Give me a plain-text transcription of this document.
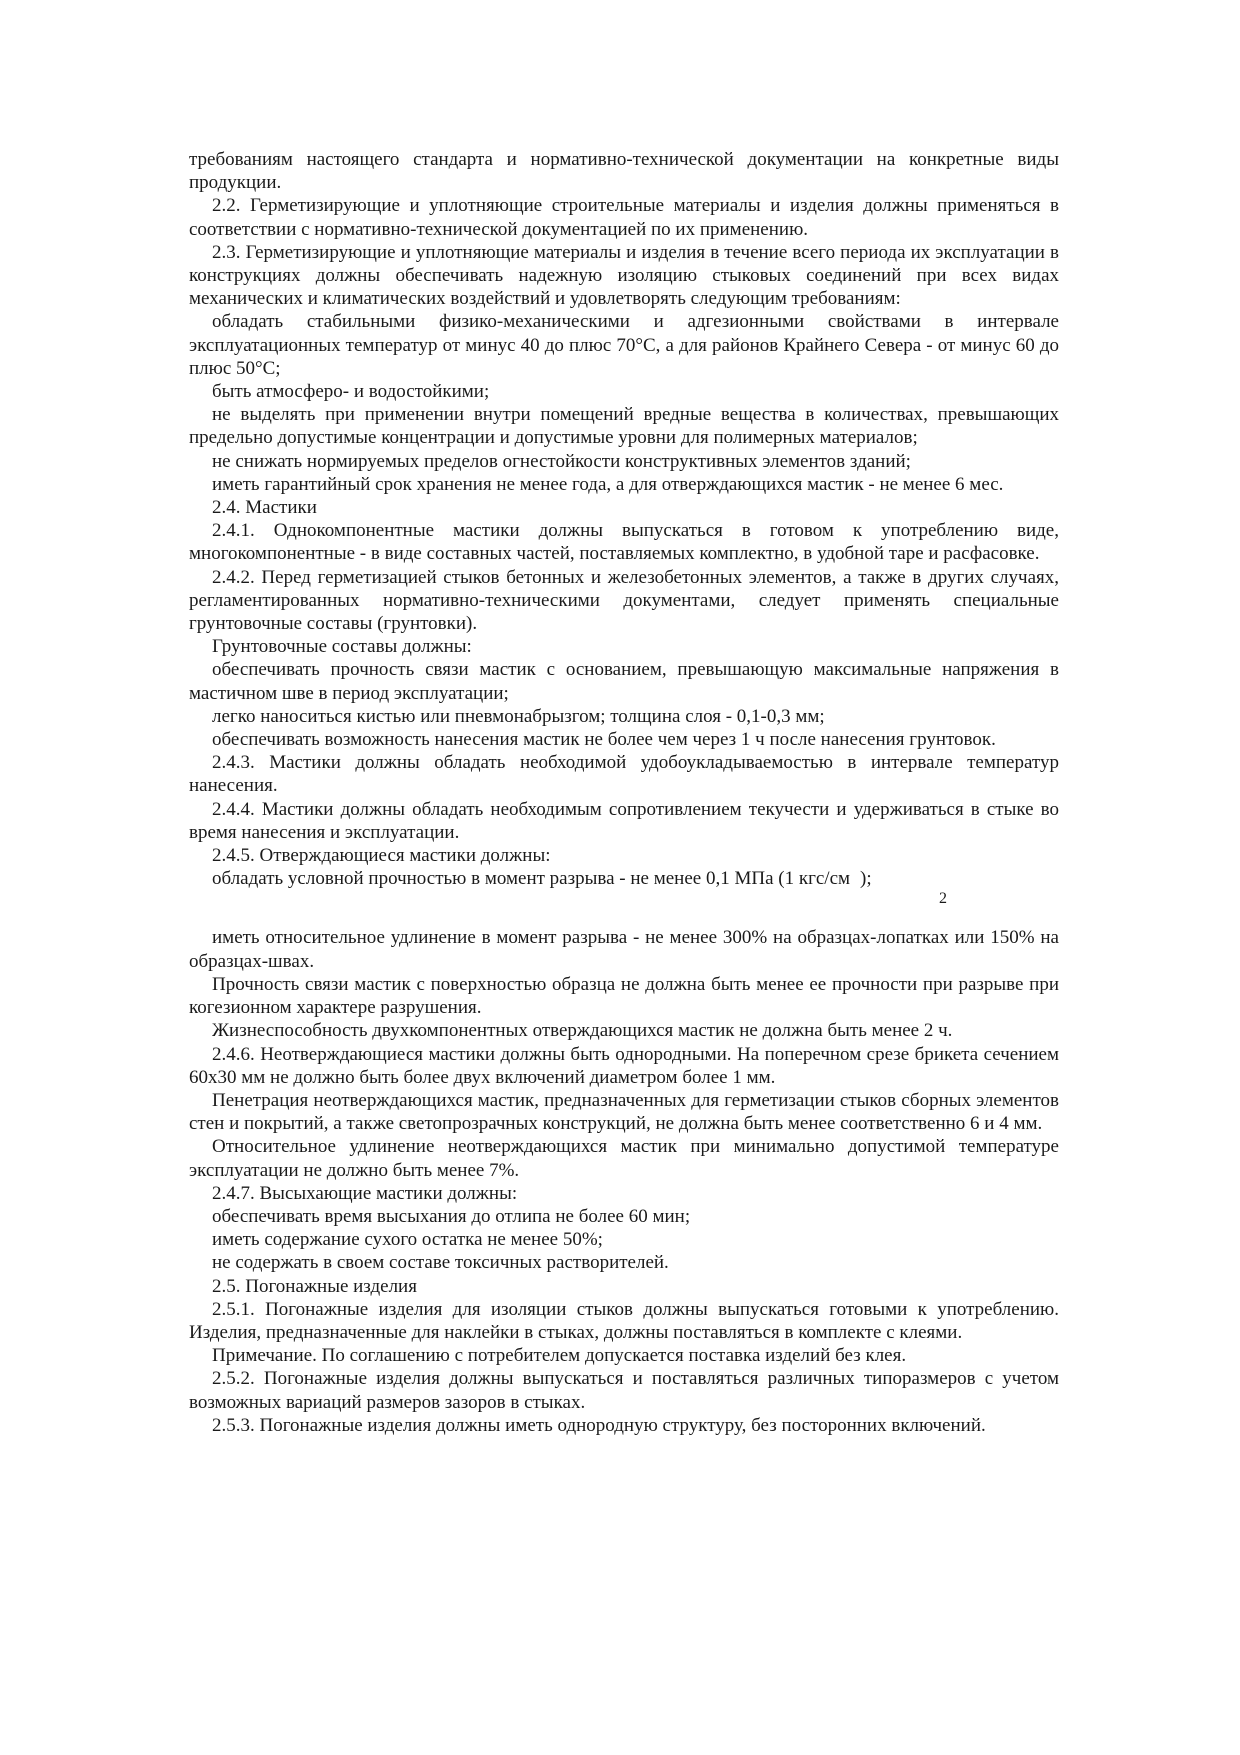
требованиям настоящего стандарта и нормативно-технической документации на конкретные виды продукции.

2.2. Герметизирующие и уплотняющие строительные материалы и изделия должны применяться в соответствии с нормативно-технической документацией по их применению.

2.3. Герметизирующие и уплотняющие материалы и изделия в течение всего периода их эксплуатации в конструкциях должны обеспечивать надежную изоляцию стыковых соединений при всех видах механических и климатических воздействий и удовлетворять следующим требованиям:

обладать стабильными физико-механическими и адгезионными свойствами в интервале эксплуатационных температур от минус 40 до плюс 70°С, а для районов Крайнего Севера - от минус 60 до плюс 50°С;

быть атмосферо- и водостойкими;

не выделять при применении внутри помещений вредные вещества в количествах, превышающих предельно допустимые концентрации и допустимые уровни для полимерных материалов;

не снижать нормируемых пределов огнестойкости конструктивных элементов зданий;

иметь гарантийный срок хранения не менее года, а для отверждающихся мастик - не менее 6 мес.

2.4. Мастики

2.4.1. Однокомпонентные мастики должны выпускаться в готовом к употреблению виде, многокомпонентные - в виде составных частей, поставляемых комплектно, в удобной таре и расфасовке.

2.4.2. Перед герметизацией стыков бетонных и железобетонных элементов, а также в других случаях, регламентированных нормативно-техническими документами, следует применять специальные грунтовочные составы (грунтовки).

Грунтовочные составы должны:

обеспечивать прочность связи мастик с основанием, превышающую максимальные напряжения в мастичном шве в период эксплуатации;

легко наноситься кистью или пневмонабрызгом; толщина слоя - 0,1-0,3 мм;

обеспечивать возможность нанесения мастик не более чем через 1 ч после нанесения грунтовок.

2.4.3. Мастики должны обладать необходимой удобоукладываемостью в интервале температур нанесения.

2.4.4. Мастики должны обладать необходимым сопротивлением текучести и удерживаться в стыке во время нанесения и эксплуатации.

2.4.5. Отверждающиеся мастики должны:

обладать условной прочностью в момент разрыва - не менее 0,1 МПа (1 кгс/см );
2

иметь относительное удлинение в момент разрыва - не менее 300% на образцах-лопатках или 150% на образцах-швах.

Прочность связи мастик с поверхностью образца не должна быть менее ее прочности при разрыве при когезионном характере разрушения.

Жизнеспособность двухкомпонентных отверждающихся мастик не должна быть менее 2 ч.

2.4.6. Неотверждающиеся мастики должны быть однородными. На поперечном срезе брикета сечением 60х30 мм не должно быть более двух включений диаметром более 1 мм.

Пенетрация неотверждающихся мастик, предназначенных для герметизации стыков сборных элементов стен и покрытий, а также светопрозрачных конструкций, не должна быть менее соответственно 6 и 4 мм.

Относительное удлинение неотверждающихся мастик при минимально допустимой температуре эксплуатации не должно быть менее 7%.

2.4.7. Высыхающие мастики должны:

обеспечивать время высыхания до отлипа не более 60 мин;

иметь содержание сухого остатка не менее 50%;

не содержать в своем составе токсичных растворителей.

2.5. Погонажные изделия

2.5.1. Погонажные изделия для изоляции стыков должны выпускаться готовыми к употреблению. Изделия, предназначенные для наклейки в стыках, должны поставляться в комплекте с клеями.

Примечание. По соглашению с потребителем допускается поставка изделий без клея.

2.5.2. Погонажные изделия должны выпускаться и поставляться различных типоразмеров с учетом возможных вариаций размеров зазоров в стыках.

2.5.3. Погонажные изделия должны иметь однородную структуру, без посторонних включений.
